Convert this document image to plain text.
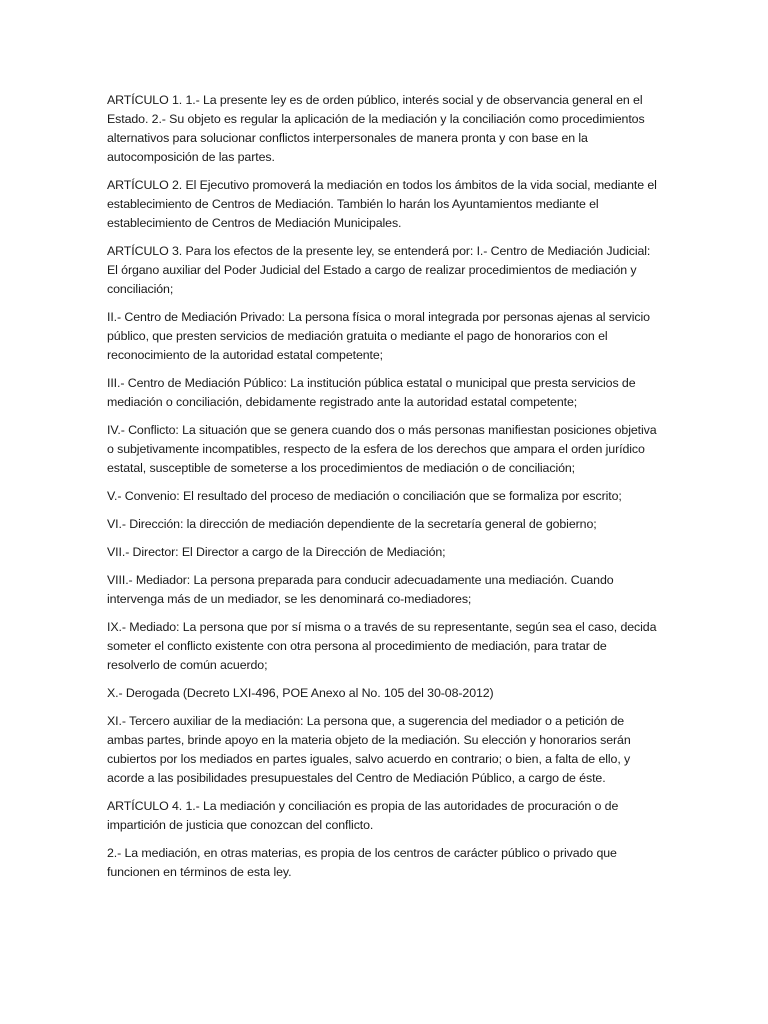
ARTÍCULO 1. 1.- La presente ley es de orden público, interés social y de observancia general en el Estado. 2.- Su objeto es regular la aplicación de la mediación y la conciliación como procedimientos alternativos para solucionar conflictos interpersonales de manera pronta y con base en la autocomposición de las partes.

ARTÍCULO 2. El Ejecutivo promoverá la mediación en todos los ámbitos de la vida social, mediante el establecimiento de Centros de Mediación. También lo harán los Ayuntamientos mediante el establecimiento de Centros de Mediación Municipales.

ARTÍCULO 3. Para los efectos de la presente ley, se entenderá por: I.- Centro de Mediación Judicial: El órgano auxiliar del Poder Judicial del Estado a cargo de realizar procedimientos de mediación y conciliación;

II.- Centro de Mediación Privado: La persona física o moral integrada por personas ajenas al servicio público, que presten servicios de mediación gratuita o mediante el pago de honorarios con el reconocimiento de la autoridad estatal competente;

III.- Centro de Mediación Público: La institución pública estatal o municipal que presta servicios de mediación o conciliación, debidamente registrado ante la autoridad estatal competente;

IV.- Conflicto: La situación que se genera cuando dos o más personas manifiestan posiciones objetiva o subjetivamente incompatibles, respecto de la esfera de los derechos que ampara el orden jurídico estatal, susceptible de someterse a los procedimientos de mediación o de conciliación;

V.- Convenio: El resultado del proceso de mediación o conciliación que se formaliza por escrito;

VI.- Dirección: la dirección de mediación dependiente de la secretaría general de gobierno;

VII.- Director: El Director a cargo de la Dirección de Mediación;

VIII.- Mediador: La persona preparada para conducir adecuadamente una mediación. Cuando intervenga más de un mediador, se les denominará co-mediadores;

IX.- Mediado: La persona que por sí misma o a través de su representante, según sea el caso, decida someter el conflicto existente con otra persona al procedimiento de mediación, para tratar de resolverlo de común acuerdo;

X.- Derogada (Decreto LXI-496, POE Anexo al No. 105 del 30-08-2012)

XI.- Tercero auxiliar de la mediación: La persona que, a sugerencia del mediador o a petición de ambas partes, brinde apoyo en la materia objeto de la mediación. Su elección y honorarios serán cubiertos por los mediados en partes iguales, salvo acuerdo en contrario; o bien, a falta de ello, y acorde a las posibilidades presupuestales del Centro de Mediación Público, a cargo de éste.

ARTÍCULO 4. 1.- La mediación y conciliación es propia de las autoridades de procuración o de impartición de justicia que conozcan del conflicto.

2.- La mediación, en otras materias, es propia de los centros de carácter público o privado que funcionen en términos de esta ley.
